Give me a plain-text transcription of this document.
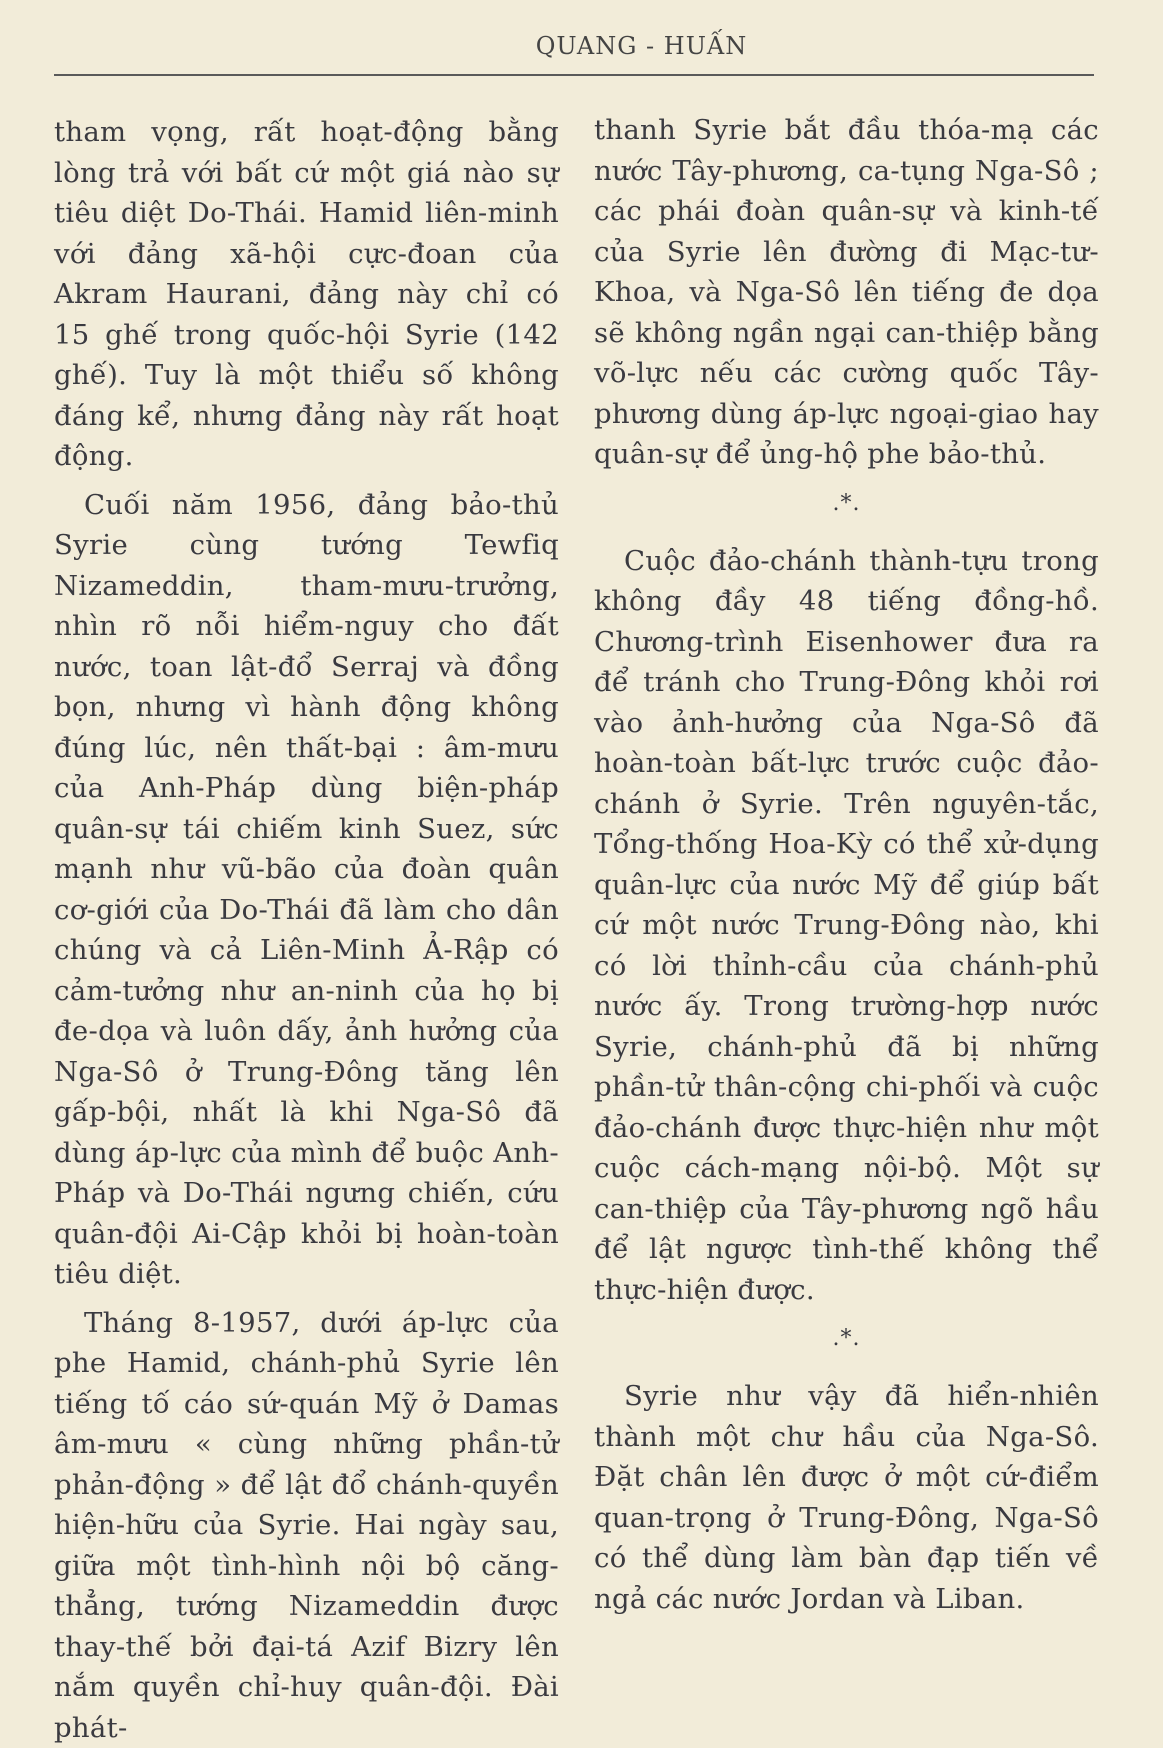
QUANG - HUẤN

tham vọng, rất hoạt-động bằng lòng trả với bất cứ một giá nào sự tiêu diệt Do-Thái. Hamid liên-minh với đảng xã-hội cực-đoan của Akram Haurani, đảng này chỉ có 15 ghế trong quốc-hội Syrie (142 ghế). Tuy là một thiểu số không đáng kể, nhưng đảng này rất hoạt động.

Cuối năm 1956, đảng bảo-thủ Syrie cùng tướng Tewfiq Nizameddin, tham-mưu-trưởng, nhìn rõ nỗi hiểm-nguy cho đất nước, toan lật-đổ Serraj và đồng bọn, nhưng vì hành động không đúng lúc, nên thất-bại : âm-mưu của Anh-Pháp dùng biện-pháp quân-sự tái chiếm kinh Suez, sức mạnh như vũ-bão của đoàn quân cơ-giới của Do-Thái đã làm cho dân chúng và cả Liên-Minh Ả-Rập có cảm-tưởng như an-ninh của họ bị đe-dọa và luôn dấy, ảnh hưởng của Nga-Sô ở Trung-Đông tăng lên gấp-bội, nhất là khi Nga-Sô đã dùng áp-lực của mình để buộc Anh-Pháp và Do-Thái ngưng chiến, cứu quân-đội Ai-Cập khỏi bị hoàn-toàn tiêu diệt.

Tháng 8-1957, dưới áp-lực của phe Hamid, chánh-phủ Syrie lên tiếng tố cáo sứ-quán Mỹ ở Damas âm-mưu « cùng những phần-tử phản-động » để lật đổ chánh-quyền hiện-hữu của Syrie. Hai ngày sau, giữa một tình-hình nội bộ căng-thẳng, tướng Nizameddin được thay-thế bởi đại-tá Azif Bizry lên nắm quyền chỉ-huy quân-đội. Đài phát-

thanh Syrie bắt đầu thóa-mạ các nước Tây-phương, ca-tụng Nga-Sô ; các phái đoàn quân-sự và kinh-tế của Syrie lên đường đi Mạc-tư-Khoa, và Nga-Sô lên tiếng đe dọa sẽ không ngần ngại can-thiệp bằng võ-lực nếu các cường quốc Tây-phương dùng áp-lực ngoại-giao hay quân-sự để ủng-hộ phe bảo-thủ.

.*.

Cuộc đảo-chánh thành-tựu trong không đầy 48 tiếng đồng-hồ. Chương-trình Eisenhower đưa ra để tránh cho Trung-Đông khỏi rơi vào ảnh-hưởng của Nga-Sô đã hoàn-toàn bất-lực trước cuộc đảo-chánh ở Syrie. Trên nguyên-tắc, Tổng-thống Hoa-Kỳ có thể xử-dụng quân-lực của nước Mỹ để giúp bất cứ một nước Trung-Đông nào, khi có lời thỉnh-cầu của chánh-phủ nước ấy. Trong trường-hợp nước Syrie, chánh-phủ đã bị những phần-tử thân-cộng chi-phối và cuộc đảo-chánh được thực-hiện như một cuộc cách-mạng nội-bộ. Một sự can-thiệp của Tây-phương ngõ hầu để lật ngược tình-thế không thể thực-hiện được.

.*.

Syrie như vậy đã hiển-nhiên thành một chư hầu của Nga-Sô. Đặt chân lên được ở một cứ-điểm quan-trọng ở Trung-Đông, Nga-Sô có thể dùng làm bàn đạp tiến về ngả các nước Jordan và Liban.
